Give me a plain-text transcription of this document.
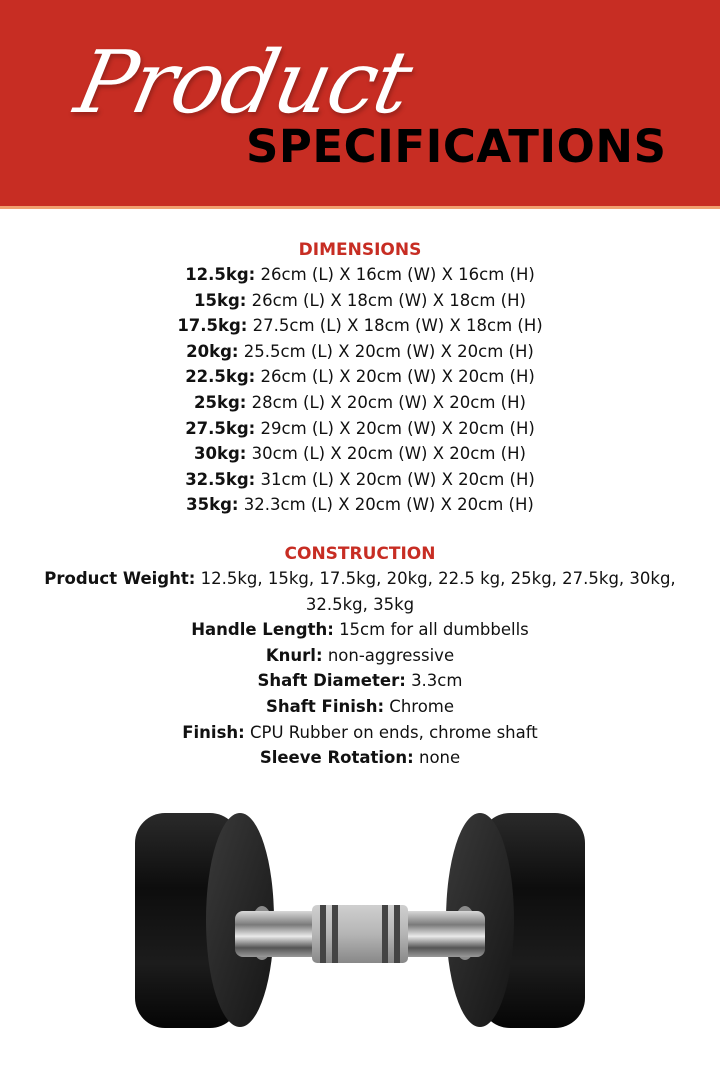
Product
SPECIFICATIONS
DIMENSIONS
12.5kg: 26cm (L) X 16cm (W) X 16cm (H)
15kg: 26cm (L) X 18cm (W) X 18cm (H)
17.5kg: 27.5cm (L) X 18cm (W) X 18cm (H)
20kg: 25.5cm (L) X 20cm (W) X 20cm (H)
22.5kg: 26cm (L) X 20cm (W) X 20cm (H)
25kg: 28cm (L) X 20cm (W) X 20cm (H)
27.5kg: 29cm (L) X 20cm (W) X 20cm (H)
30kg: 30cm (L) X 20cm (W) X 20cm (H)
32.5kg: 31cm (L) X 20cm (W) X 20cm (H)
35kg: 32.3cm (L) X 20cm (W) X 20cm (H)
CONSTRUCTION
Product Weight: 12.5kg, 15kg, 17.5kg, 20kg, 22.5 kg, 25kg, 27.5kg, 30kg, 32.5kg, 35kg
Handle Length: 15cm for all dumbbells
Knurl: non-aggressive
Shaft Diameter: 3.3cm
Shaft Finish: Chrome
Finish: CPU Rubber on ends, chrome shaft
Sleeve Rotation: none
